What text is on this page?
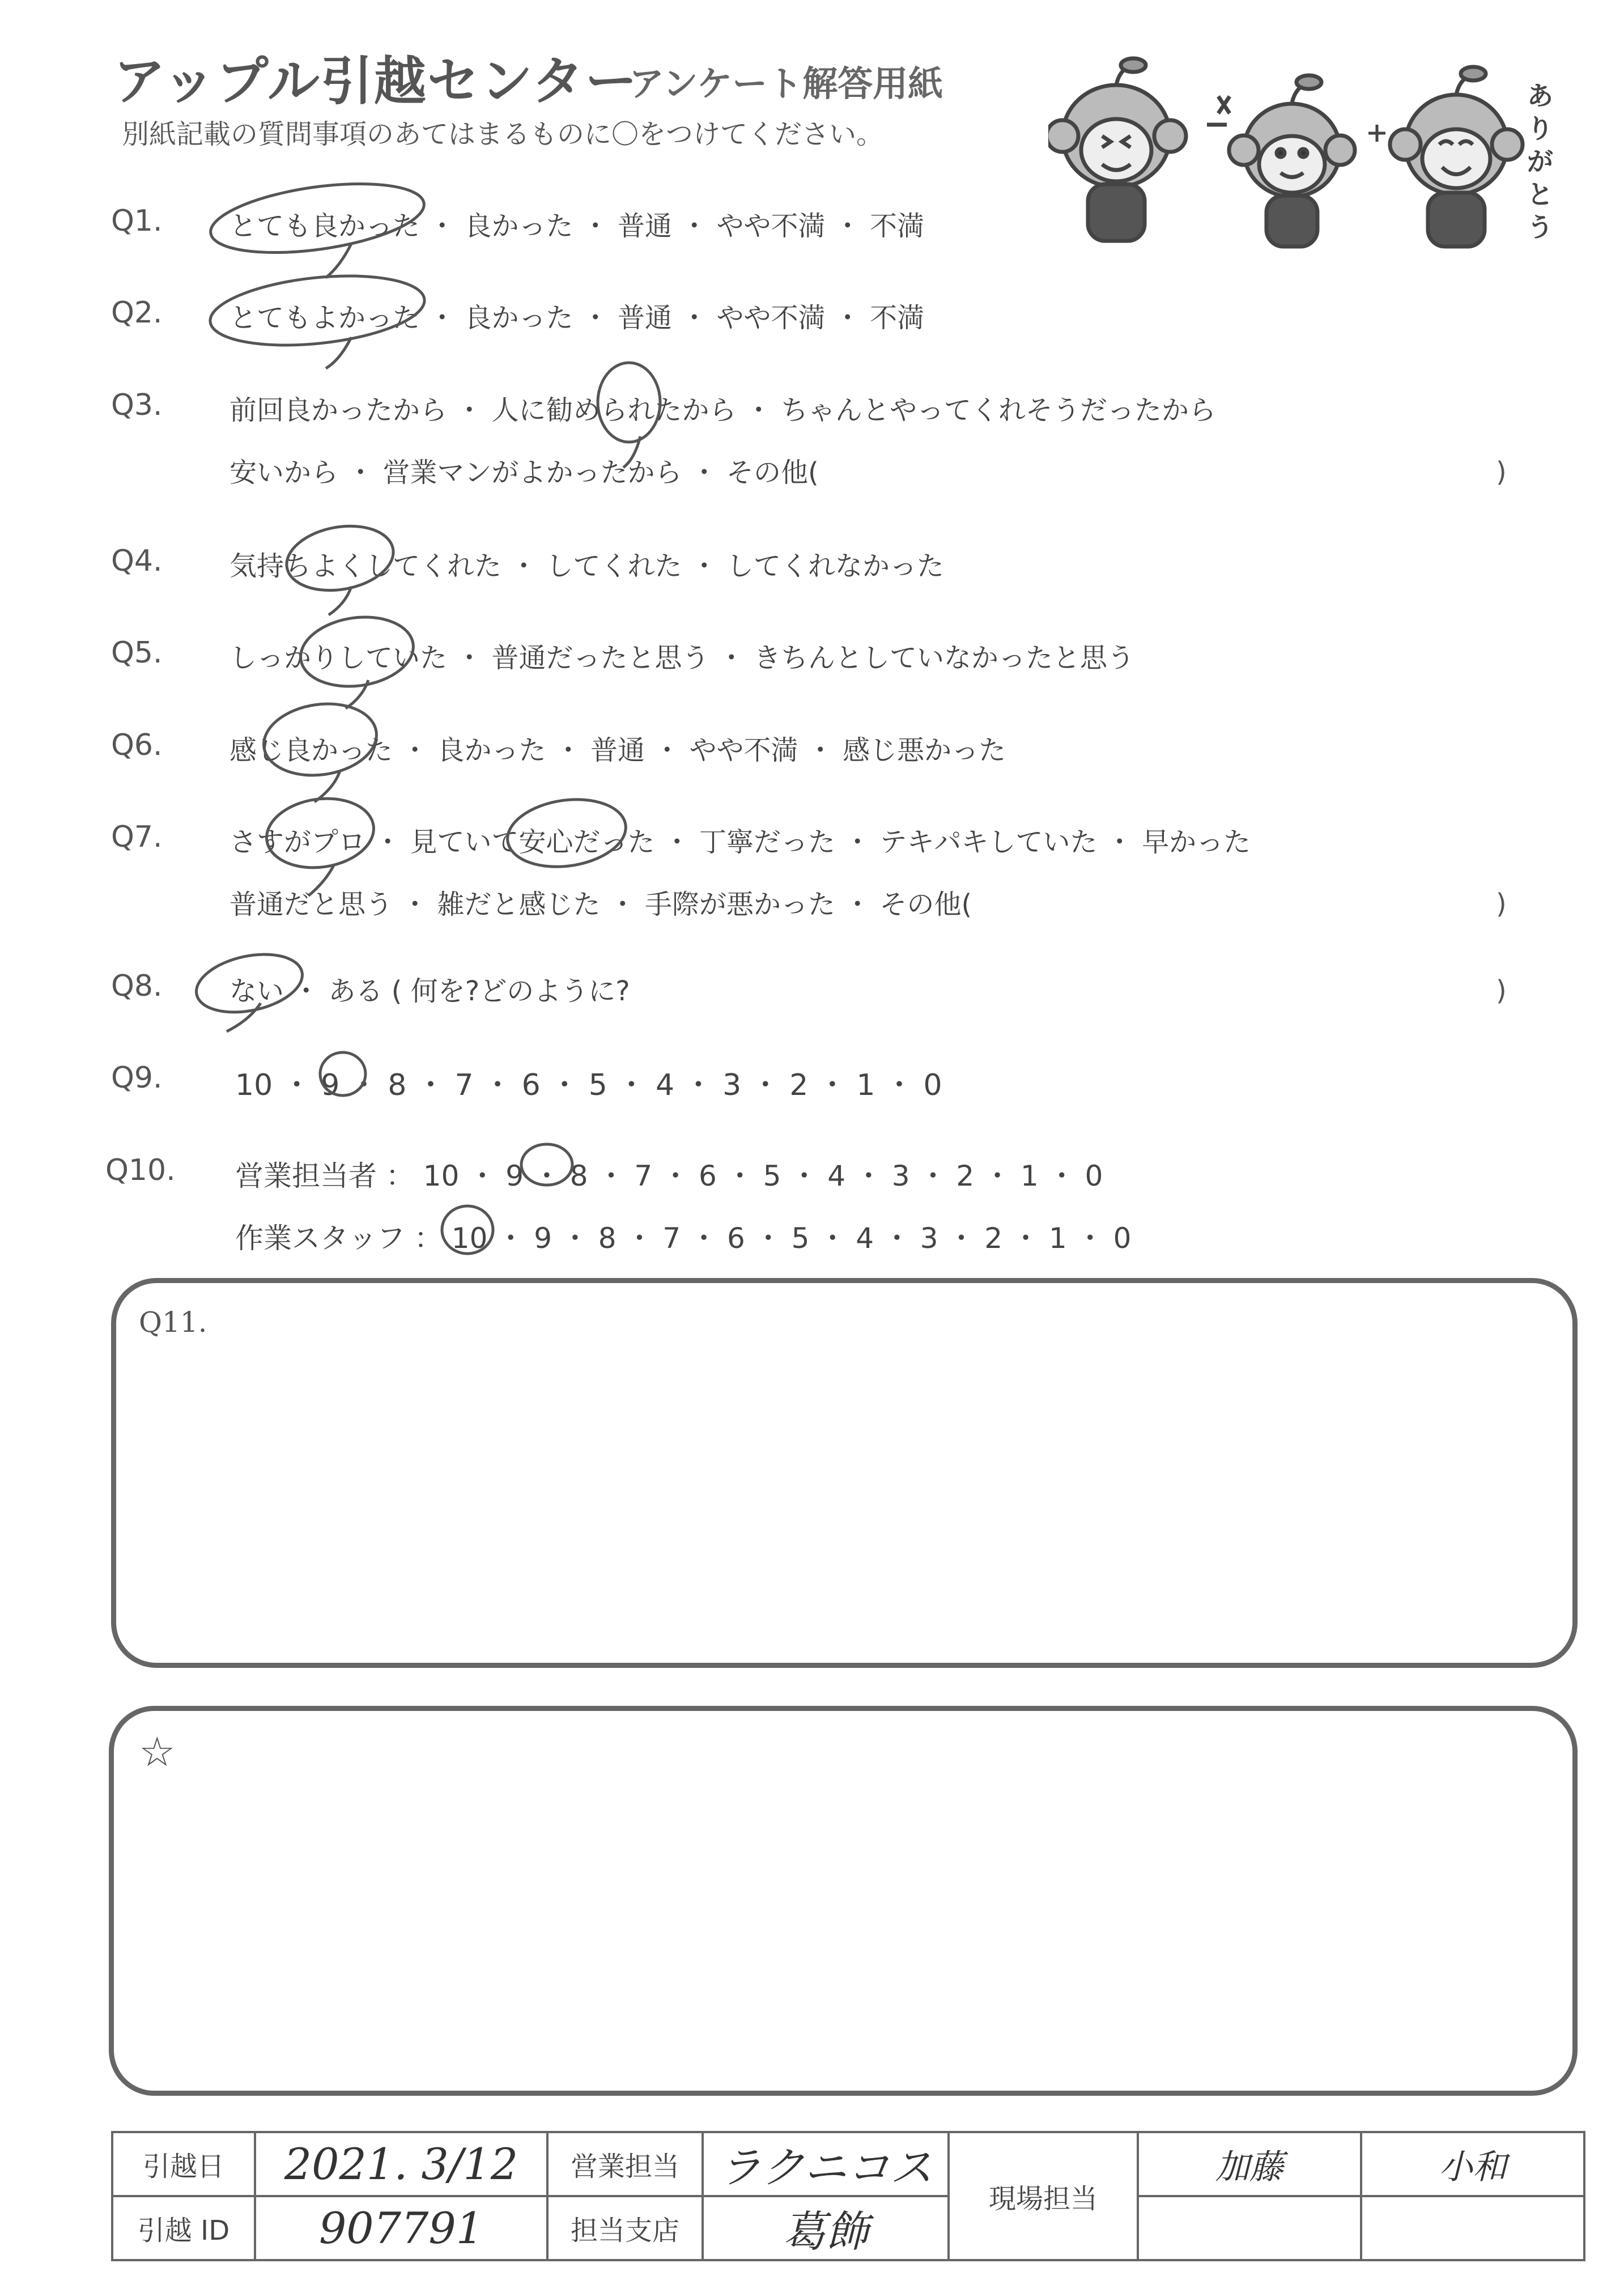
アップル引越センター
アンケート解答用紙
別紙記載の質問事項のあてはまるものに〇をつけてください。
ありがとう
Q1. とても良かった ・ 良かった ・ 普通 ・ やや不満 ・ 不満
Q2. とてもよかった ・ 良かった ・ 普通 ・ やや不満 ・ 不満
Q3. 前回良かったから ・ 人に勧められたから ・ ちゃんとやってくれそうだったから
安いから ・ 営業マンがよかったから ・ その他(	)
Q4. 気持ちよくしてくれた ・ してくれた ・ してくれなかった
Q5. しっかりしていた ・ 普通だったと思う ・ きちんとしていなかったと思う
Q6. 感じ良かった ・ 良かった ・ 普通 ・ やや不満 ・ 感じ悪かった
Q7. さすがプロ ・ 見ていて安心だった ・ 丁寧だった ・ テキパキしていた ・ 早かった
普通だと思う ・ 雑だと感じた ・ 手際が悪かった ・ その他(	)
Q8. ない ・ ある ( 何を?どのように?	)
Q9. 10 ・ 9 ・ 8 ・ 7 ・ 6 ・ 5 ・ 4 ・ 3 ・ 2 ・ 1 ・ 0
Q10. 営業担当者 ： 10 ・ 9 ・ 8 ・ 7 ・ 6 ・ 5 ・ 4 ・ 3 ・ 2 ・ 1 ・ 0
作業スタッフ ： 10 ・ 9 ・ 8 ・ 7 ・ 6 ・ 5 ・ 4 ・ 3 ・ 2 ・ 1 ・ 0
Q11.
☆
引越日	2021. 3/12	営業担当	ラクニコス	現場担当	加藤	小和
引越 ID	907791	担当支店	葛飾			
